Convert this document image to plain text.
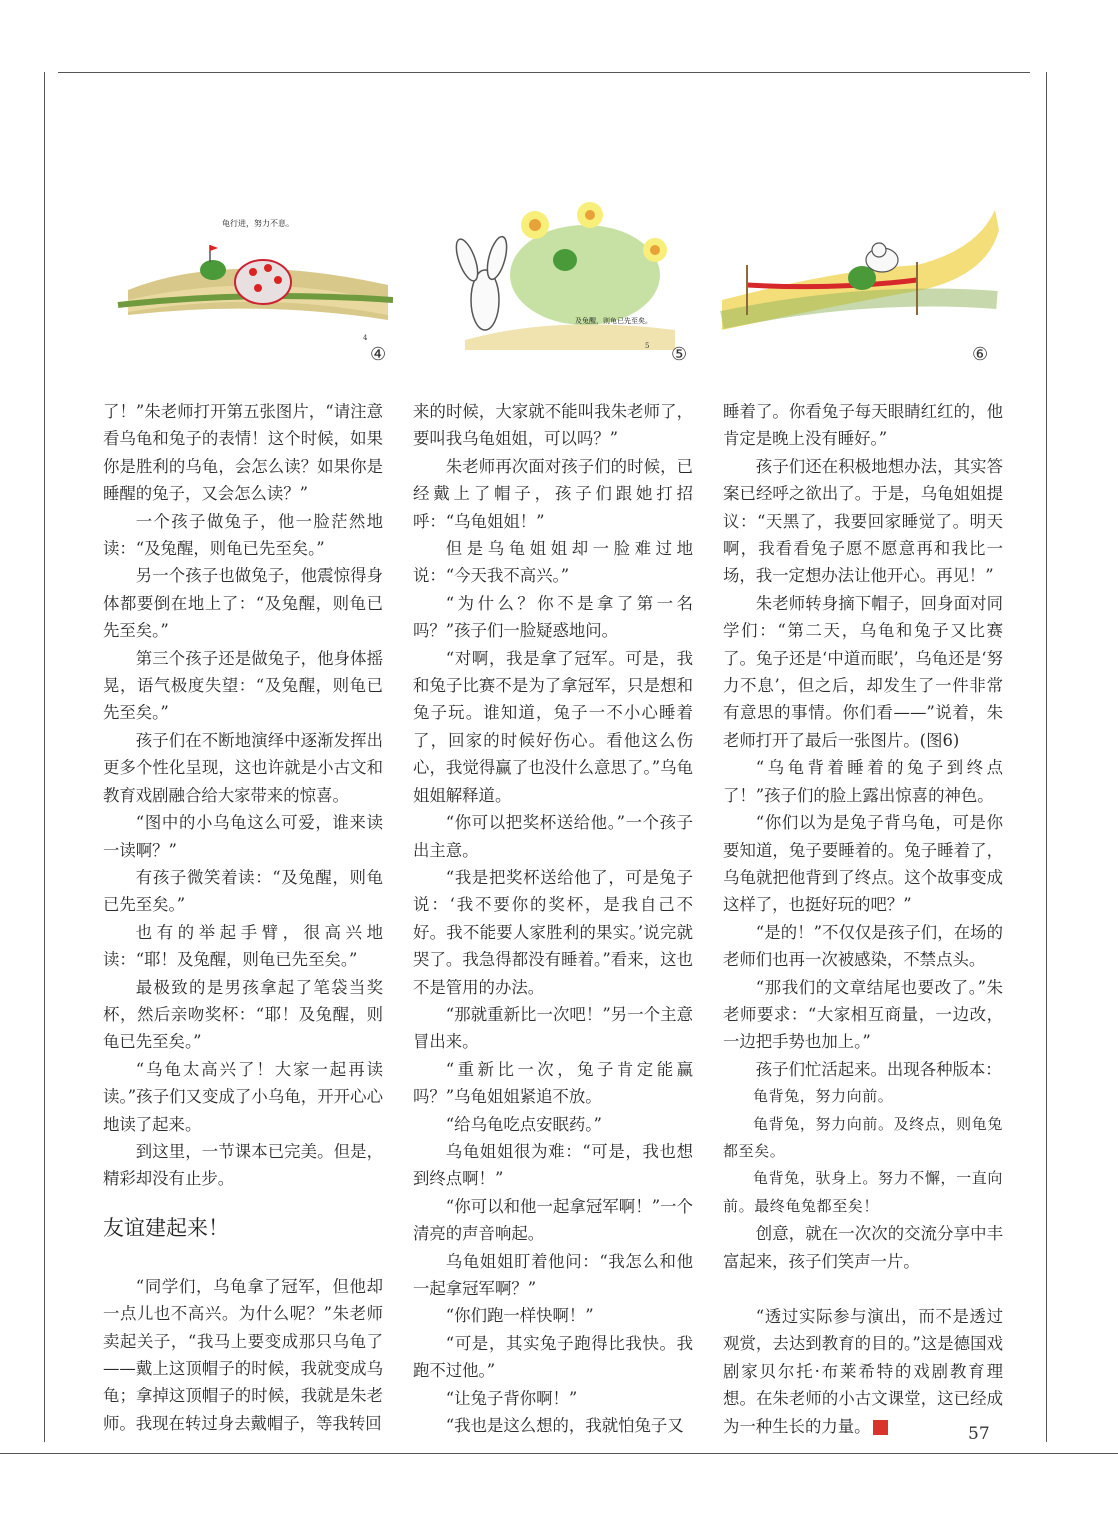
龟行进，努力不息。
4
④
及兔醒，则龟已先至矣。
5 ⑤	⑥

了！”朱老师打开第五张图片，“请注意看乌龟和兔子的表情！这个时候，如果你是胜利的乌龟，会怎么读？如果你是睡醒的兔子，又会怎么读？”

一个孩子做兔子，他一脸茫然地读：“及兔醒，则龟已先至矣。”

另一个孩子也做兔子，他震惊得身体都要倒在地上了：“及兔醒，则龟已先至矣。”

第三个孩子还是做兔子，他身体摇晃，语气极度失望：“及兔醒，则龟已先至矣。”

孩子们在不断地演绎中逐渐发挥出更多个性化呈现，这也许就是小古文和教育戏剧融合给大家带来的惊喜。

“图中的小乌龟这么可爱，谁来读一读啊？”

有孩子微笑着读：“及兔醒，则龟已先至矣。”

也有的举起手臂，很高兴地读：“耶！及兔醒，则龟已先至矣。”

最极致的是男孩拿起了笔袋当奖杯，然后亲吻奖杯：“耶！及兔醒，则龟已先至矣。”

“乌龟太高兴了！大家一起再读读。”孩子们又变成了小乌龟，开开心心地读了起来。

到这里，一节课本已完美。但是，精彩却没有止步。

友谊建起来！

“同学们，乌龟拿了冠军，但他却一点儿也不高兴。为什么呢？”朱老师卖起关子，“我马上要变成那只乌龟了——戴上这顶帽子的时候，我就变成乌龟；拿掉这顶帽子的时候，我就是朱老师。我现在转过身去戴帽子，等我转回

来的时候，大家就不能叫我朱老师了，要叫我乌龟姐姐，可以吗？”

朱老师再次面对孩子们的时候，已经戴上了帽子，孩子们跟她打招呼：“乌龟姐姐！”

但是乌龟姐姐却一脸难过地说：“今天我不高兴。”

“为什么？你不是拿了第一名吗？”孩子们一脸疑惑地问。

“对啊，我是拿了冠军。可是，我和兔子比赛不是为了拿冠军，只是想和兔子玩。谁知道，兔子一不小心睡着了，回家的时候好伤心。看他这么伤心，我觉得赢了也没什么意思了。”乌龟姐姐解释道。

“你可以把奖杯送给他。”一个孩子出主意。

“我是把奖杯送给他了，可是兔子说：‘我不要你的奖杯，是我自己不好。我不能要人家胜利的果实。’说完就哭了。我急得都没有睡着。”看来，这也不是管用的办法。

“那就重新比一次吧！”另一个主意冒出来。

“重新比一次，兔子肯定能赢吗？”乌龟姐姐紧追不放。

“给乌龟吃点安眠药。”

乌龟姐姐很为难：“可是，我也想到终点啊！”

“你可以和他一起拿冠军啊！”一个清亮的声音响起。

乌龟姐姐盯着他问：“我怎么和他一起拿冠军啊？”

“你们跑一样快啊！”

“可是，其实兔子跑得比我快。我跑不过他。”

“让兔子背你啊！”

“我也是这么想的，我就怕兔子又

睡着了。你看兔子每天眼睛红红的，他肯定是晚上没有睡好。”

孩子们还在积极地想办法，其实答案已经呼之欲出了。于是，乌龟姐姐提议：“天黑了，我要回家睡觉了。明天啊，我看看兔子愿不愿意再和我比一场，我一定想办法让他开心。再见！”

朱老师转身摘下帽子，回身面对同学们：“第二天，乌龟和兔子又比赛了。兔子还是‘中道而眠’，乌龟还是‘努力不息’，但之后，却发生了一件非常有意思的事情。你们看——”说着，朱老师打开了最后一张图片。(图6)

“乌龟背着睡着的兔子到终点了！”孩子们的脸上露出惊喜的神色。

“你们以为是兔子背乌龟，可是你要知道，兔子要睡着的。兔子睡着了，乌龟就把他背到了终点。这个故事变成这样了，也挺好玩的吧？”

“是的！”不仅仅是孩子们，在场的老师们也再一次被感染，不禁点头。

“那我们的文章结尾也要改了。”朱老师要求：“大家相互商量，一边改，一边把手势也加上。”

孩子们忙活起来。出现各种版本：

龟背兔，努力向前。

龟背兔，努力向前。及终点，则龟兔都至矣。

龟背兔，驮身上。努力不懈，一直向前。最终龟兔都至矣！

创意，就在一次次的交流分享中丰富起来，孩子们笑声一片。

“透过实际参与演出，而不是透过观赏，去达到教育的目的。”这是德国戏剧家贝尔托·布莱希特的戏剧教育理想。在朱老师的小古文课堂，这已经成为一种生长的力量。	家	57
